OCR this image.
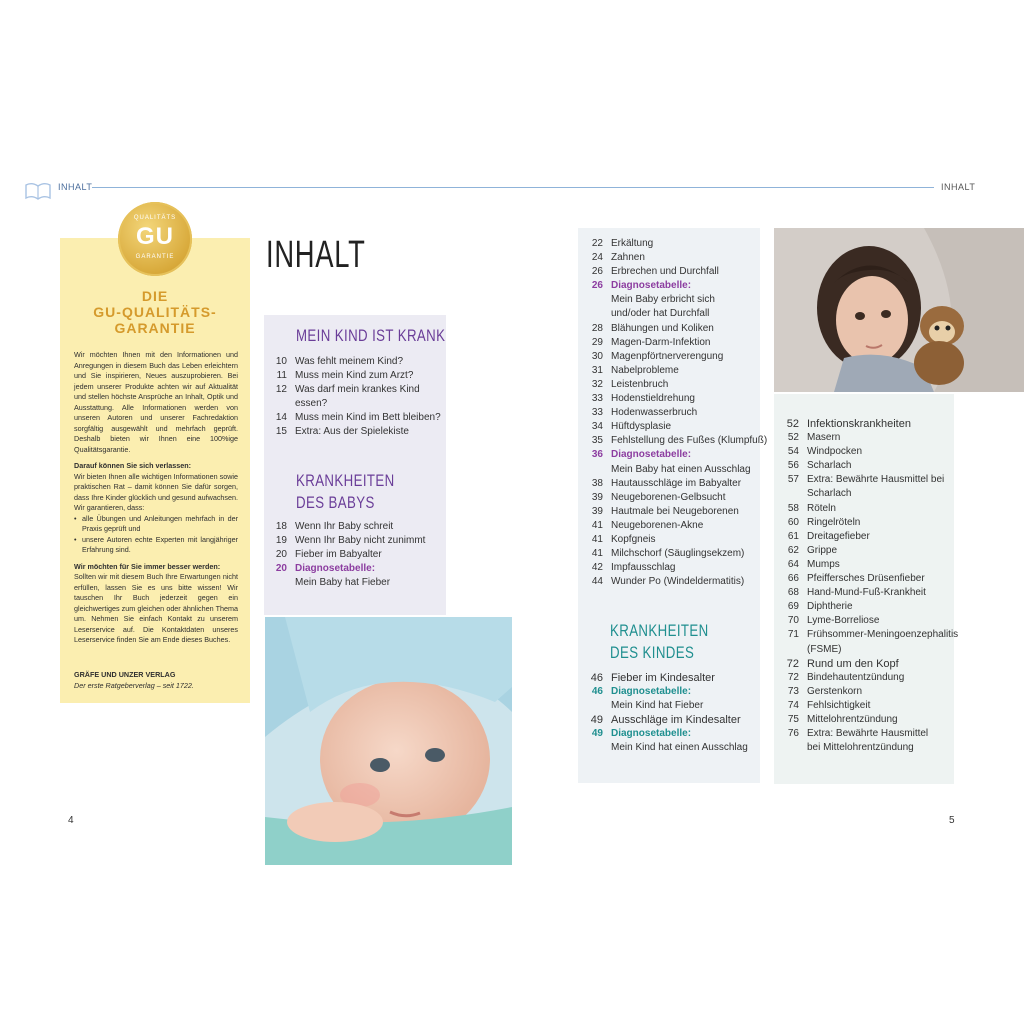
INHALT	INHALT
QUALITÄTS
GU
GARANTIE
DIE
GU-QUALITÄTS-
GARANTIE

Wir möchten Ihnen mit den Informationen und Anregungen in diesem Buch das Leben erleichtern und Sie inspirieren, Neues auszuprobieren. Bei jedem unserer Produkte achten wir auf Aktualität und stellen höchste Ansprüche an Inhalt, Optik und Ausstattung. Alle Informationen werden von unseren Autoren und unserer Fachredaktion sorgfältig ausgewählt und mehrfach geprüft. Deshalb bieten wir Ihnen eine 100%ige Qualitätsgarantie.

Darauf können Sie sich verlassen:
Wir bieten Ihnen alle wichtigen Informationen sowie praktischen Rat – damit können Sie dafür sorgen, dass Ihre Kinder glücklich und gesund aufwachsen. Wir garantieren, dass:
• alle Übungen und Anleitungen mehrfach in der Praxis geprüft und
• unsere Autoren echte Experten mit langjähriger Erfahrung sind.
Wir möchten für Sie immer besser werden:
Sollten wir mit diesem Buch Ihre Erwartungen nicht erfüllen, lassen Sie es uns bitte wissen! Wir tauschen Ihr Buch jederzeit gegen ein gleichwertiges zum gleichen oder ähnlichen Thema um. Nehmen Sie einfach Kontakt zu unserem Leserservice auf. Die Kontaktdaten unseres Leserservice finden Sie am Ende dieses Buches.
GRÄFE UND UNZER VERLAG
Der erste Ratgeberverlag – seit 1722.
INHALT
MEIN KIND IST KRANK
10 Was fehlt meinem Kind?
11 Muss mein Kind zum Arzt?
12 Was darf mein krankes Kind
essen?
14 Muss mein Kind im Bett bleiben?
15 Extra: Aus der Spielekiste
KRANKHEITEN
DES BABYS
18 Wenn Ihr Baby schreit
19 Wenn Ihr Baby nicht zunimmt
20 Fieber im Babyalter
20 Diagnosetabelle:
Mein Baby hat Fieber
22 Erkältung
24 Zahnen
26 Erbrechen und Durchfall
26 Diagnosetabelle:
Mein Baby erbricht sich
und/oder hat Durchfall
28 Blähungen und Koliken
29 Magen-Darm-Infektion
30 Magenpförtnerverengung
31 Nabelprobleme
32 Leistenbruch
33 Hodenstieldrehung
33 Hodenwasserbruch
34 Hüftdysplasie
35 Fehlstellung des Fußes (Klumpfuß)
36 Diagnosetabelle:
Mein Baby hat einen Ausschlag
38 Hautausschläge im Babyalter
39 Neugeborenen-Gelbsucht
39 Hautmale bei Neugeborenen
41 Neugeborenen-Akne
41 Kopfgneis
41 Milchschorf (Säuglingsekzem)
42 Impfausschlag
44 Wunder Po (Windeldermatitis)
KRANKHEITEN
DES KINDES
46 Fieber im Kindesalter
46 Diagnosetabelle:
Mein Kind hat Fieber
49 Ausschläge im Kindesalter
49 Diagnosetabelle:
Mein Kind hat einen Ausschlag
52 Infektionskrankheiten
52 Masern
54 Windpocken
56 Scharlach
57 Extra: Bewährte Hausmittel bei
Scharlach
58 Röteln
60 Ringelröteln
61 Dreitagefieber
62 Grippe
64 Mumps
66 Pfeiffersches Drüsenfieber
68 Hand-Mund-Fuß-Krankheit
69 Diphtherie
70 Lyme-Borreliose
71 Frühsommer-Meningoenzephalitis
(FSME)
72 Rund um den Kopf
72 Bindehautentzündung
73 Gerstenkorn
74 Fehlsichtigkeit
75 Mittelohrentzündung
76 Extra: Bewährte Hausmittel
bei Mittelohrentzündung
4	5
